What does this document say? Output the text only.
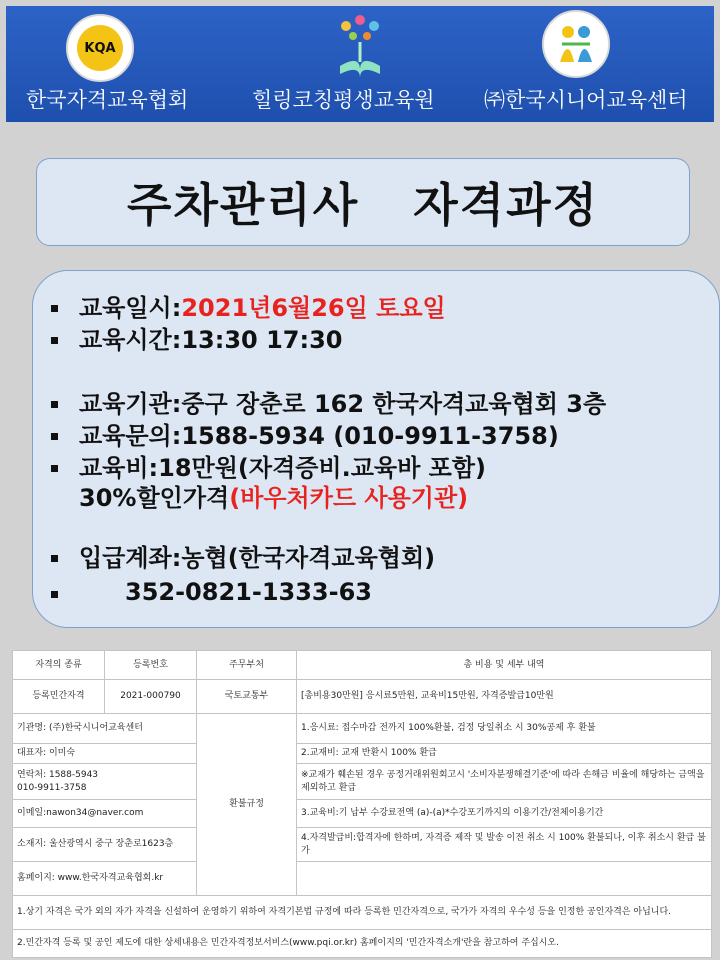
KQA
한국자격교육협회	힐링코칭평생교육원 ㈜한국시니어교육센터
주차관리사   자격과정
교육일시:2021년6월26일 토요일
교육시간:13:30 17:30
교육기관:중구 장춘로 162 한국자격교육협회 3층
교육문의:1588-5934 (010-9911-3758)
교육비:18만원(자격증비.교육바 포함)
30%할인가격(바우처카드 사용기관)
입급계좌:농협(한국자격교육협회)
352-0821-1333-63
자격의 종류	등록번호	주무부처	총 비용 및 세부 내역
등록민간자격	2021-000790	국토교통부	[총비용30만원] 응시료5만원, 교육비15만원, 자격증발급10만원
기관명: (주)한국시니어교육센터		환불규정	1.응시료: 접수마감 전까지 100%환불, 검정 당일취소 시 30%공제 후 환불
대표자: 이미숙			2.교재비: 교재 반환시 100% 환급
연락처: 1588-5943
010-9911-3758			※교재가 훼손된 경우 공정거래위원회고시 '소비자분쟁해결기준'에 따라 손해금 비율에 해당하는 금액을 제외하고 환급
이메일:nawon34@naver.com			3.교육비:기 납부 수강료전액 (a)-(a)*수강포기까지의 이용기간/전체이용기간
소재지: 울산광역시 중구 장춘로1623층			4.자격발급비:합격자에 한하며, 자격증 제작 및 발송 이전 취소 시 100% 환불되나, 이후 취소시 환급 불가
홈페이지: www.한국자격교육협회.kr			
1.상기 자격은 국가 외의 자가 자격을 신설하여 운영하기 위하여 자격기본법 규정에 따라 등록한 민간자격으로, 국가가 자격의 우수성 등을 인정한 공인자격은 아닙니다.			
2.민간자격 등록 및 공인 제도에 대한 상세내용은 민간자격정보서비스(www.pqi.or.kr) 홈페이지의 '민간자격소개'란을 참고하여 주십시오.			
